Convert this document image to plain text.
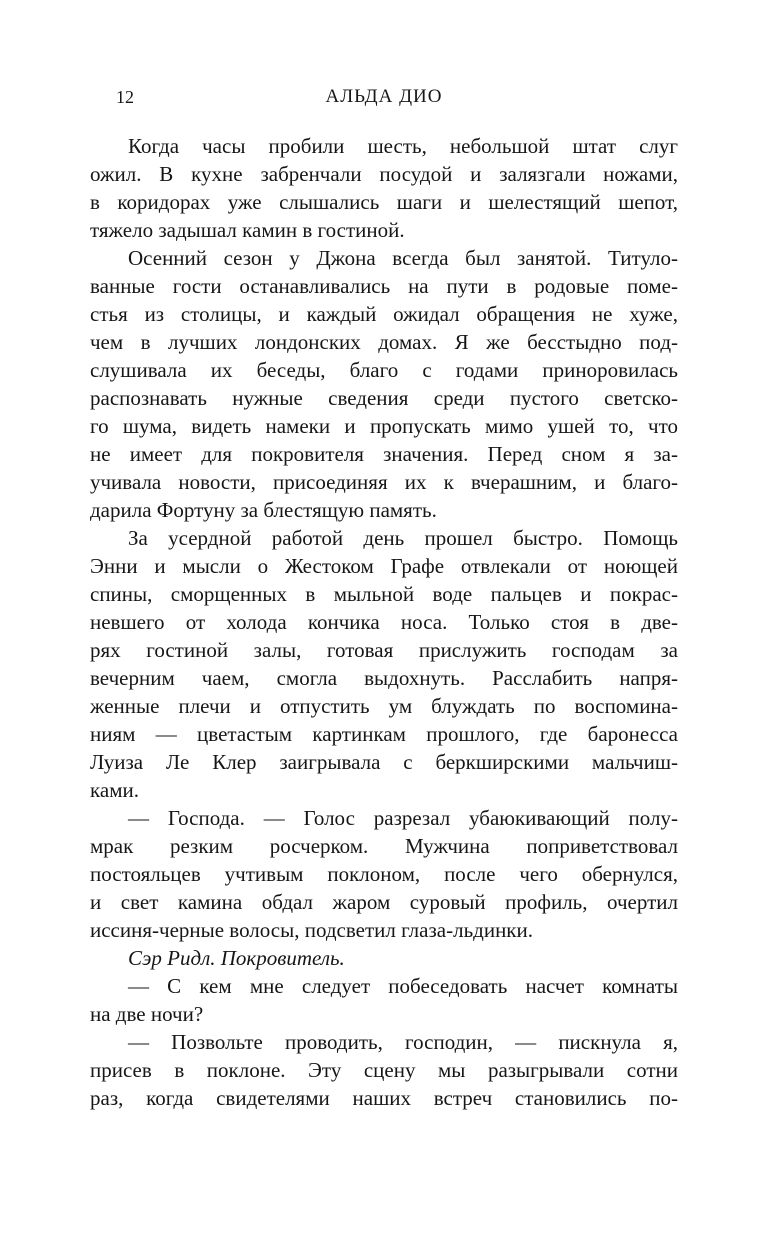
12	АЛЬДА ДИО
Когда часы пробили шесть, небольшой штат слуг
ожил. В кухне забренчали посудой и залязгали ножами,
в коридорах уже слышались шаги и шелестящий шепот,
тяжело задышал камин в гостиной.
Осенний сезон у Джона всегда был занятой. Титуло-
ванные гости останавливались на пути в родовые поме-
стья из столицы, и каждый ожидал обращения не хуже,
чем в лучших лондонских домах. Я же бесстыдно под-
слушивала их беседы, благо с годами приноровилась
распознавать нужные сведения среди пустого светско-
го шума, видеть намеки и пропускать мимо ушей то, что
не имеет для покровителя значения. Перед сном я за-
учивала новости, присоединяя их к вчерашним, и благо-
дарила Фортуну за блестящую память.
За усердной работой день прошел быстро. Помощь
Энни и мысли о Жестоком Графе отвлекали от ноющей
спины, сморщенных в мыльной воде пальцев и покрас-
невшего от холода кончика носа. Только стоя в две-
рях гостиной залы, готовая прислужить господам за
вечерним чаем, смогла выдохнуть. Расслабить напря-
женные плечи и отпустить ум блуждать по воспомина-
ниям — цветастым картинкам прошлого, где баронесса
Луиза Ле Клер заигрывала с беркширскими мальчиш-
ками.
— Господа. — Голос разрезал убаюкивающий полу-
мрак резким росчерком. Мужчина поприветствовал
постояльцев учтивым поклоном, после чего обернулся,
и свет камина обдал жаром суровый профиль, очертил
иссиня-черные волосы, подсветил глаза-льдинки.
Сэр Ридл. Покровитель.
— С кем мне следует побеседовать насчет комнаты
на две ночи?
— Позвольте проводить, господин, — пискнула я,
присев в поклоне. Эту сцену мы разыгрывали сотни
раз, когда свидетелями наших встреч становились по-
